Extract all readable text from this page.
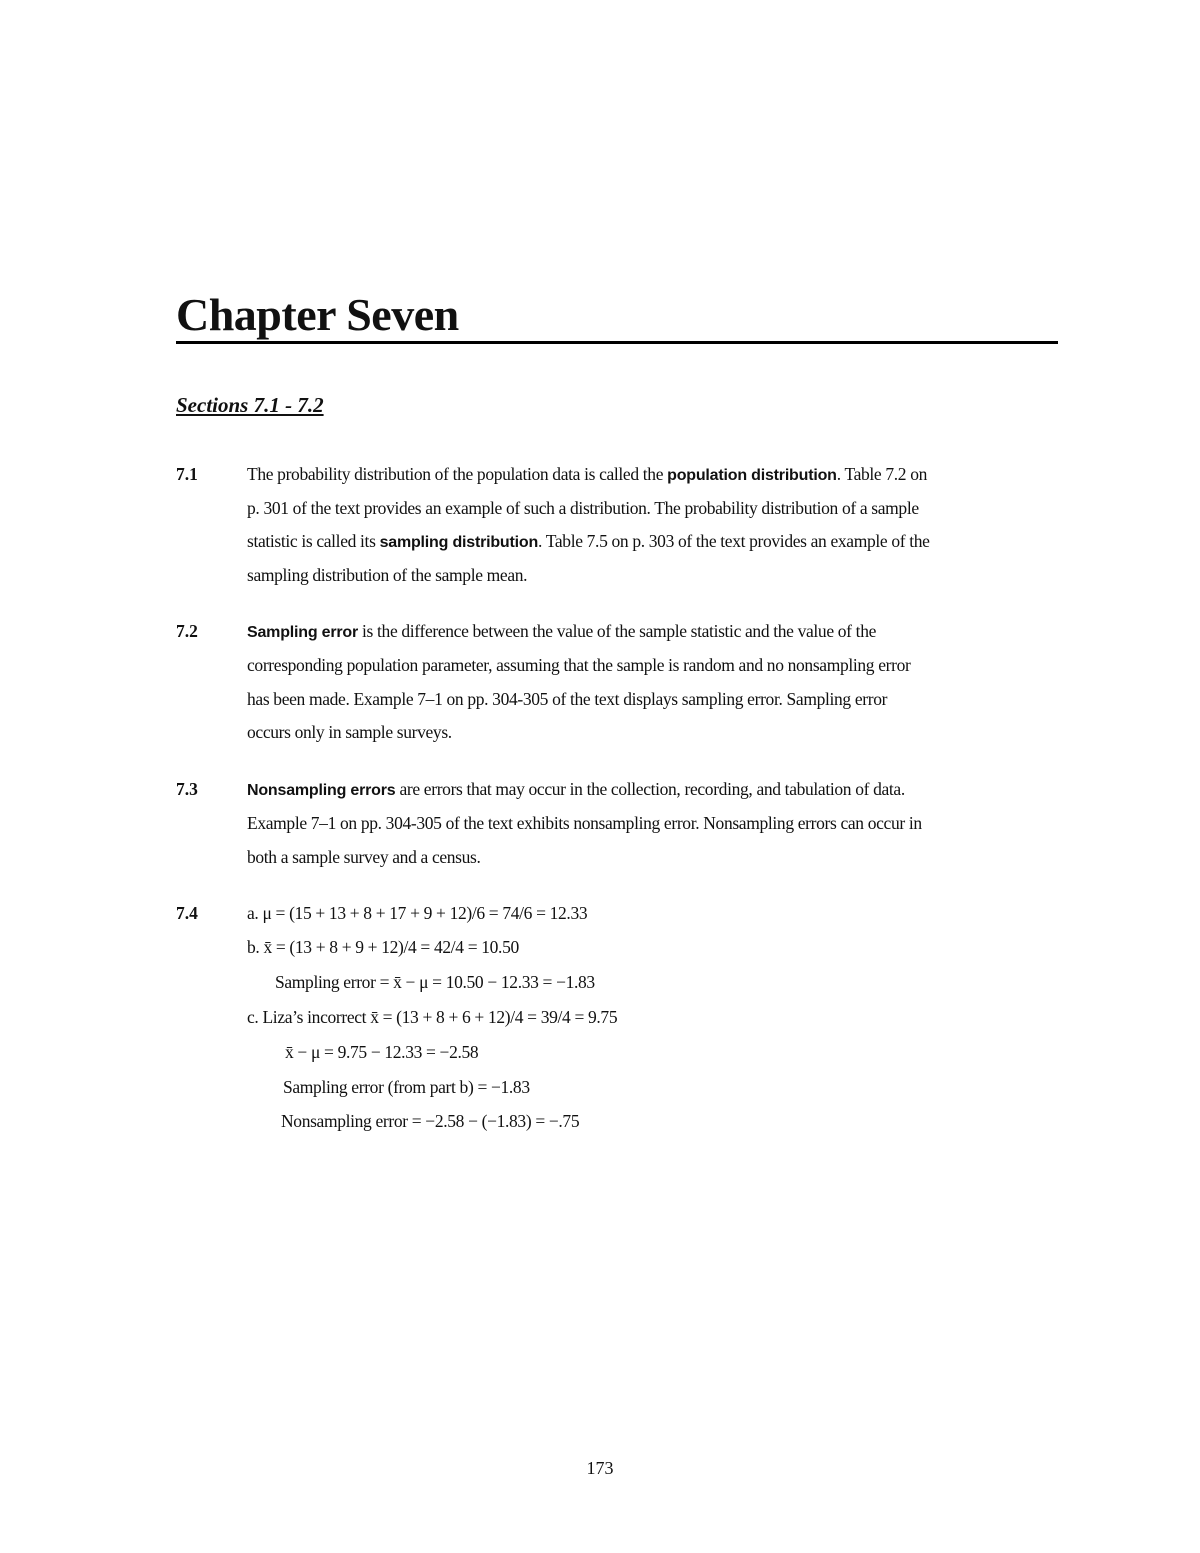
Chapter Seven
Sections 7.1 - 7.2
7.1	The probability distribution of the population data is called the population distribution. Table 7.2 on
p. 301 of the text provides an example of such a distribution. The probability distribution of a sample
statistic is called its sampling distribution. Table 7.5 on p. 303 of the text provides an example of the
sampling distribution of the sample mean.
7.2	Sampling error is the difference between the value of the sample statistic and the value of the
corresponding population parameter, assuming that the sample is random and no nonsampling error
has been made. Example 7–1 on pp. 304-305 of the text displays sampling error. Sampling error
occurs only in sample surveys.
7.3	Nonsampling errors are errors that may occur in the collection, recording, and tabulation of data.
Example 7–1 on pp. 304-305 of the text exhibits nonsampling error. Nonsampling errors can occur in
both a sample survey and a census.
7.4	a. μ = (15 + 13 + 8 + 17 + 9 + 12)/6 = 74/6 = 12.33
b. x̄ = (13 + 8 + 9 + 12)/4 = 42/4 = 10.50
Sampling error = x̄ − μ = 10.50 − 12.33 = −1.83
c. Liza’s incorrect x̄ = (13 + 8 + 6 + 12)/4 = 39/4 = 9.75
x̄ − μ = 9.75 − 12.33 = −2.58
Sampling error (from part b) = −1.83
Nonsampling error = −2.58 − (−1.83) = −.75
173
